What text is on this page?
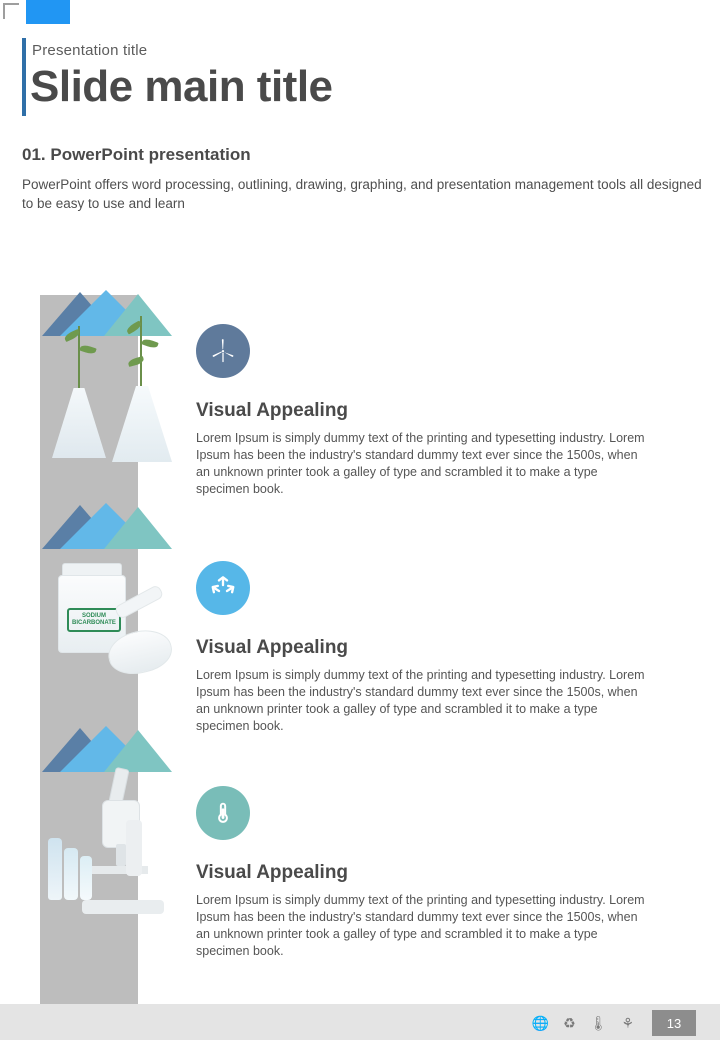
Presentation title
Slide main title
01. PowerPoint presentation
PowerPoint offers word processing, outlining, drawing, graphing, and presentation management tools all designed to be easy to use and learn
Visual Appealing
Lorem Ipsum is simply dummy text of the printing and typesetting industry. Lorem Ipsum has been the industry's standard dummy text ever since the 1500s, when an unknown printer took a galley of type and scrambled it to make a type specimen book.
SODIUM BICARBONATE
Visual Appealing
Lorem Ipsum is simply dummy text of the printing and typesetting industry. Lorem Ipsum has been the industry's standard dummy text ever since the 1500s, when an unknown printer took a galley of type and scrambled it to make a type specimen book.
Visual Appealing
Lorem Ipsum is simply dummy text of the printing and typesetting industry. Lorem Ipsum has been the industry's standard dummy text ever since the 1500s, when an unknown printer took a galley of type and scrambled it to make a type specimen book.
🌐 ♻ 🌡 ⚘	13
